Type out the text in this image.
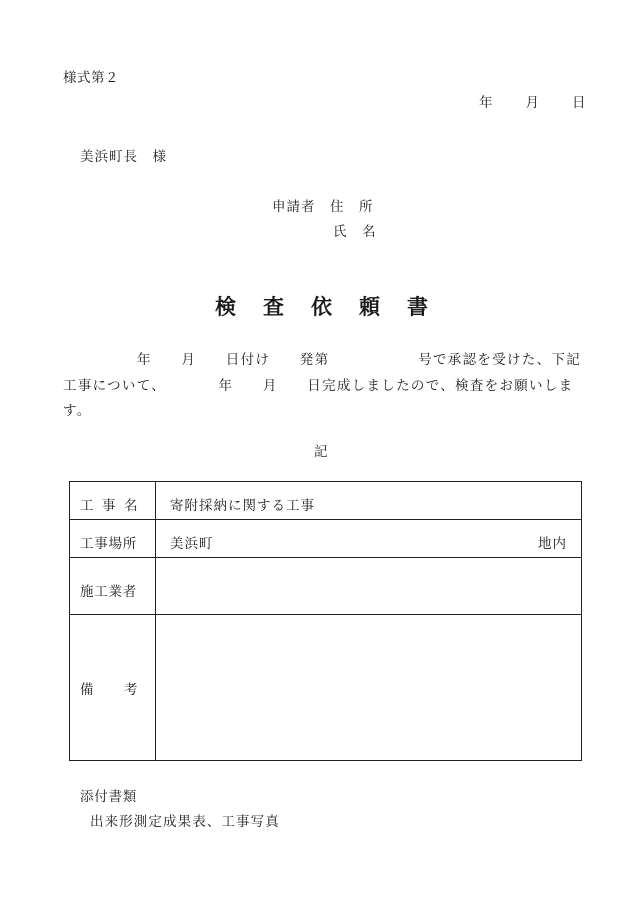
様式第２
年　　月　　日
美浜町長　様
申請者　住　所
氏　名
検　査　依　頼　書
　　　　　年　　月　　日付け　　発第　　　　　　号で承認を受けた、下記
工事について、　　　　年　　月　　日完成しましたので、検査をお願いしま
す。
記
工　事　名	寄附採納に関する工事
工事場所 美浜町	地内
施工業者
備　　　考
添付書類
出来形測定成果表、工事写真
